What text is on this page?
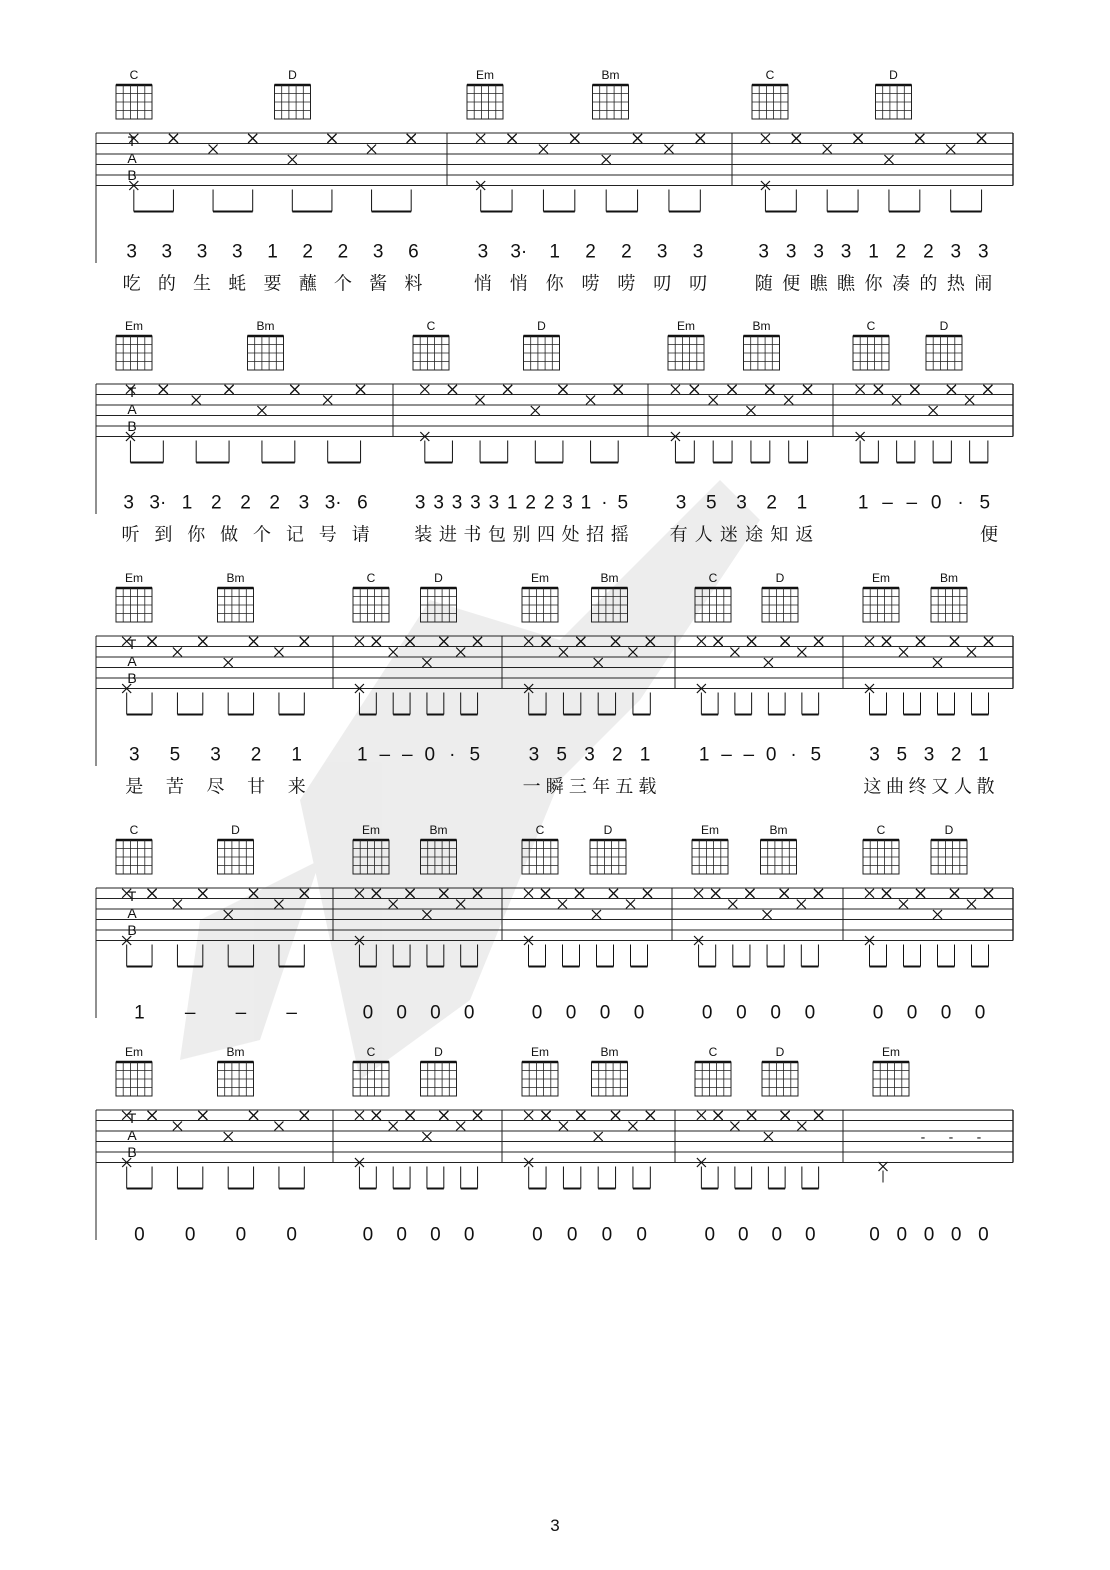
T
A
B
C	D
3 3 3 3 1 2 2 3 6
吃 的 生 蚝 要 蘸 个 酱 料
Em	Bm
3 3· 1 2 2 3 3
悄 悄 你 唠 唠 叨 叨
C	D
3 3 3 3 1 2 2 3 3
随 便 瞧 瞧 你 凑 的 热 闹
T
A
B
Em	Bm
3 3· 1 2 2 2 3 3· 6
听 到 你 做 个 记 号 请
C	D
3 3 3 3 3 1 2 2 3 1 · 5
装 进 书 包 别 四 处 招 摇
Em	Bm
3 5 3 2 1
有 人 迷 途 知 返
C	D
1 – – 0 · 5
便
T
A
B
Em	Bm
3 5 3 2 1
是 苦 尽 甘 来
C	D
1 – – 0 · 5
Em	Bm
3 5 3 2 1
一 瞬 三 年 五 载
C	D
1 – – 0 · 5
Em	Bm
3 5 3 2 1
这 曲 终 又 人 散
T
A
B
C	D
1 – – –
Em	Bm
0 0 0 0
C	D
0 0 0 0
Em	Bm
0 0 0 0
C	D
0 0 0 0
T
A
B
Em	Bm
0 0 0 0
C	D
0 0 0 0
Em	Bm
0 0 0 0
C	D
0 0 0 0
Em
- - -
0 0 0 0 0
3
